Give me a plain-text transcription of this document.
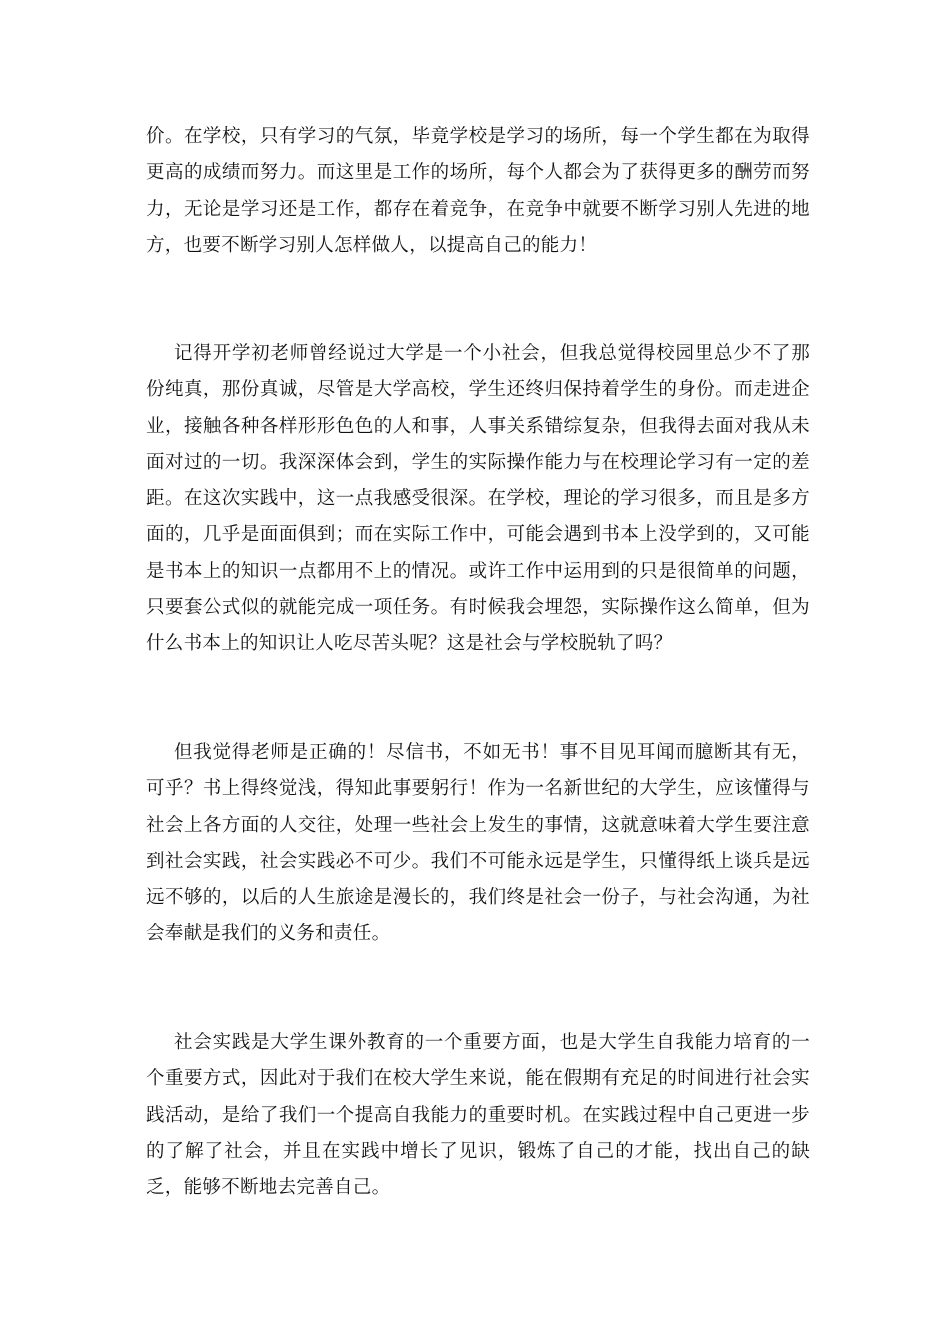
价。在学校，只有学习的气氛，毕竟学校是学习的场所，每一个学生都在为取得更高的成绩而努力。而这里是工作的场所，每个人都会为了获得更多的酬劳而努力，无论是学习还是工作，都存在着竞争，在竞争中就要不断学习别人先进的地方，也要不断学习别人怎样做人，以提高自己的能力！

记得开学初老师曾经说过大学是一个小社会，但我总觉得校园里总少不了那份纯真，那份真诚，尽管是大学高校，学生还终归保持着学生的身份。而走进企业，接触各种各样形形色色的人和事，人事关系错综复杂，但我得去面对我从未面对过的一切。我深深体会到，学生的实际操作能力与在校理论学习有一定的差距。在这次实践中，这一点我感受很深。在学校，理论的学习很多，而且是多方面的，几乎是面面俱到；而在实际工作中，可能会遇到书本上没学到的，又可能是书本上的知识一点都用不上的情况。或许工作中运用到的只是很简单的问题，只要套公式似的就能完成一项任务。有时候我会埋怨，实际操作这么简单，但为什么书本上的知识让人吃尽苦头呢？这是社会与学校脱轨了吗？

但我觉得老师是正确的！尽信书，不如无书！事不目见耳闻而臆断其有无，可乎？书上得终觉浅，得知此事要躬行！作为一名新世纪的大学生，应该懂得与社会上各方面的人交往，处理一些社会上发生的事情，这就意味着大学生要注意到社会实践，社会实践必不可少。我们不可能永远是学生，只懂得纸上谈兵是远远不够的，以后的人生旅途是漫长的，我们终是社会一份子，与社会沟通，为社会奉献是我们的义务和责任。

社会实践是大学生课外教育的一个重要方面，也是大学生自我能力培育的一个重要方式，因此对于我们在校大学生来说，能在假期有充足的时间进行社会实践活动，是给了我们一个提高自我能力的重要时机。在实践过程中自己更进一步的了解了社会，并且在实践中增长了见识，锻炼了自己的才能，找出自己的缺乏，能够不断地去完善自己。
